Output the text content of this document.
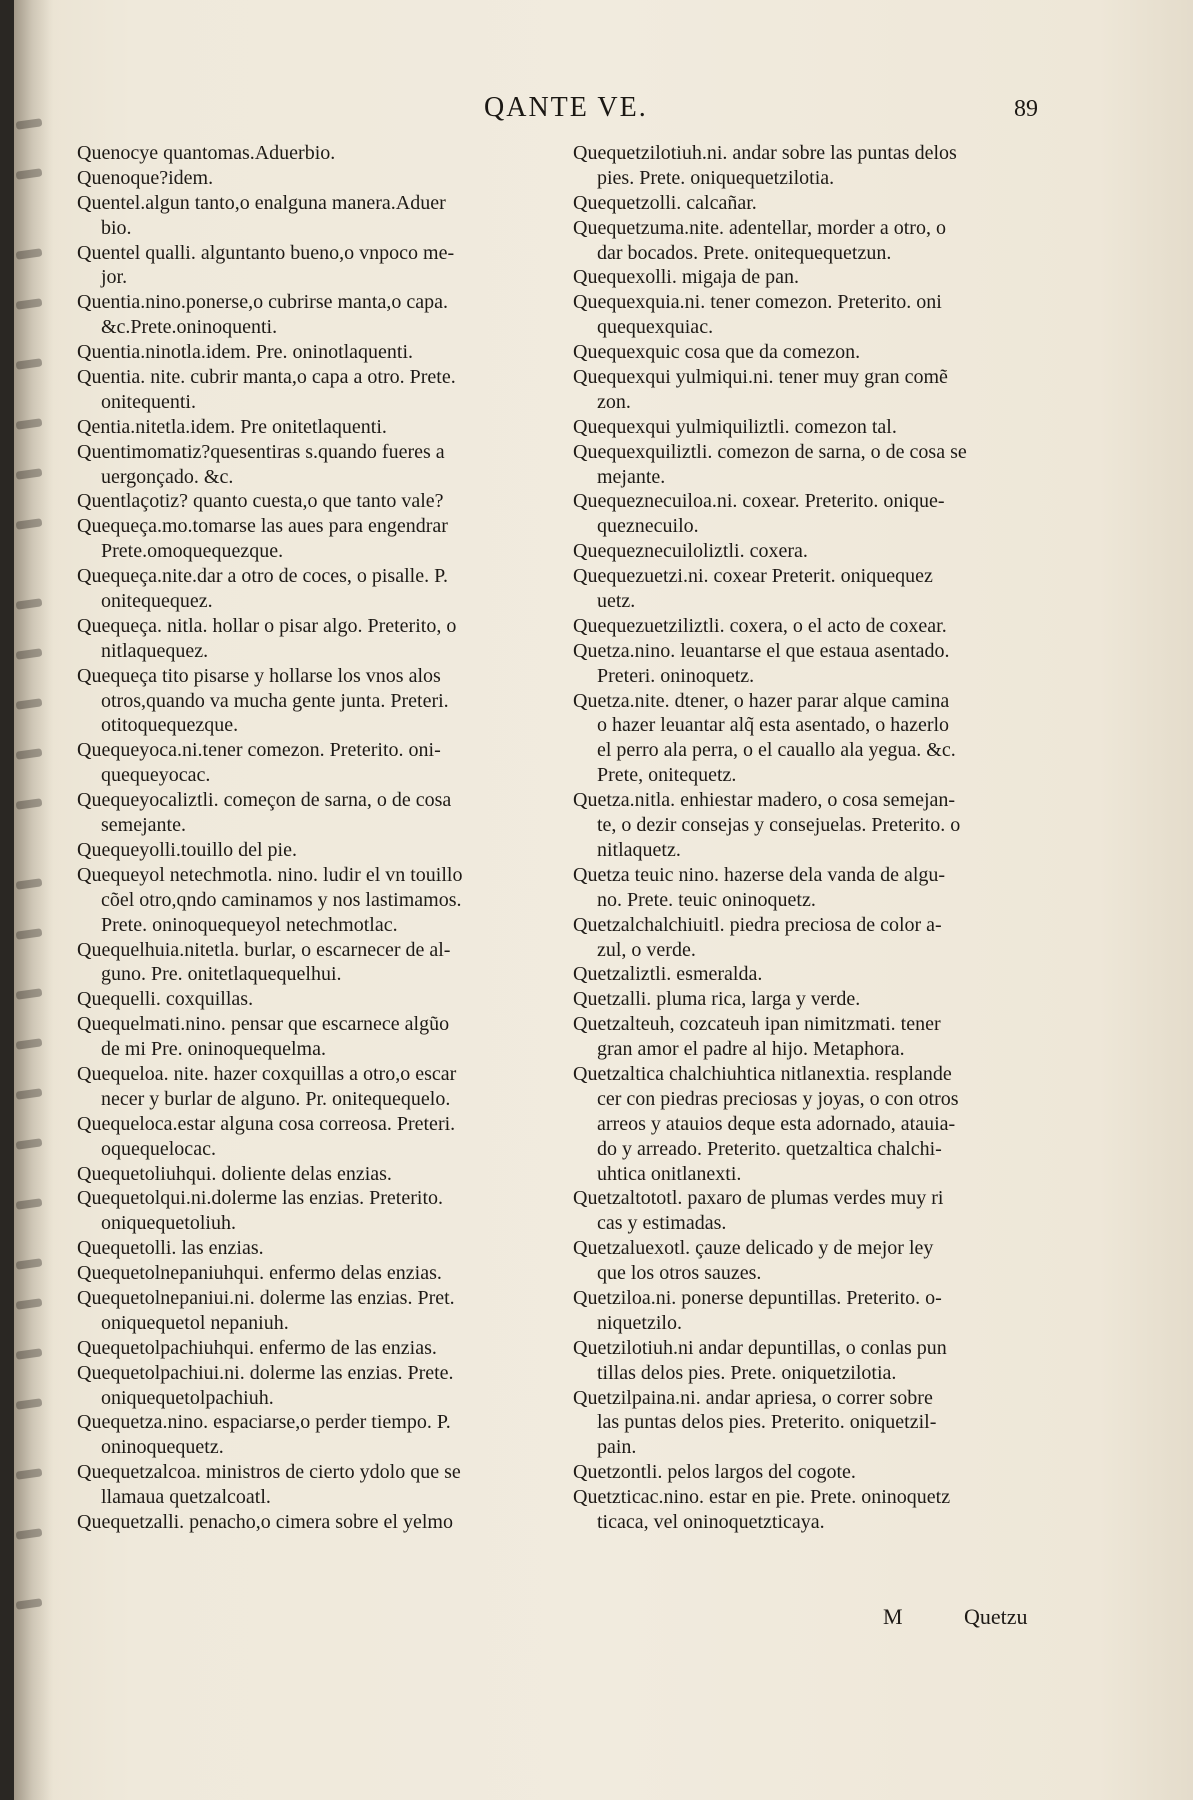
QANTE VE.	89
Quenocye quantomas.Aduerbio.
Quenoque?idem.
Quentel.algun tanto,o enalguna manera.Aduer
bio.
Quentel qualli. alguntanto bueno,o vnpoco me-
jor.
Quentia.nino.ponerse,o cubrirse manta,o capa.
&c.Prete.oninoquenti.
Quentia.ninotla.idem. Pre. oninotlaquenti.
Quentia. nite. cubrir manta,o capa a otro. Prete.
onitequenti.
Qentia.nitetla.idem. Pre onitetlaquenti.
Quentimomatiz?quesentiras s.quando fueres a
uergonçado. &c.
Quentlaçotiz? quanto cuesta,o que tanto vale?
Quequeça.mo.tomarse las aues para engendrar
Prete.omoquequezque.
Quequeça.nite.dar a otro de coces, o pisalle. P.
onitequequez.
Quequeça. nitla. hollar o pisar algo. Preterito, o
nitlaquequez.
Quequeça tito pisarse y hollarse los vnos alos
otros,quando va mucha gente junta. Preteri.
otitoquequezque.
Quequeyoca.ni.tener comezon. Preterito. oni-
quequeyocac.
Quequeyocaliztli. começon de sarna, o de cosa
semejante.
Quequeyolli.touillo del pie.
Quequeyol netechmotla. nino. ludir el vn touillo
cõel otro,qndo caminamos y nos lastimamos.
Prete. oninoquequeyol netechmotlac.
Quequelhuia.nitetla. burlar, o escarnecer de al-
guno. Pre. onitetlaquequelhui.
Quequelli. coxquillas.
Quequelmati.nino. pensar que escarnece algũo
de mi Pre. oninoquequelma.
Quequeloa. nite. hazer coxquillas a otro,o escar
necer y burlar de alguno. Pr. onitequequelo.
Quequeloca.estar alguna cosa correosa. Preteri.
oquequelocac.
Quequetoliuhqui. doliente delas enzias.
Quequetolqui.ni.dolerme las enzias. Preterito.
oniquequetoliuh.
Quequetolli. las enzias.
Quequetolnepaniuhqui. enfermo delas enzias.
Quequetolnepaniui.ni. dolerme las enzias. Pret.
oniquequetol nepaniuh.
Quequetolpachiuhqui. enfermo de las enzias.
Quequetolpachiui.ni. dolerme las enzias. Prete.
oniquequetolpachiuh.
Quequetza.nino. espaciarse,o perder tiempo. P.
oninoquequetz.
Quequetzalcoa. ministros de cierto ydolo que se
llamaua quetzalcoatl.
Quequetzalli. penacho,o cimera sobre el yelmo
Quequetzilotiuh.ni. andar sobre las puntas delos
pies. Prete. oniquequetzilotia.
Quequetzolli. calcañar.
Quequetzuma.nite. adentellar, morder a otro, o
dar bocados. Prete. onitequequetzun.
Quequexolli. migaja de pan.
Quequexquia.ni. tener comezon. Preterito. oni
quequexquiac.
Quequexquic cosa que da comezon.
Quequexqui yulmiqui.ni. tener muy gran comẽ
zon.
Quequexqui yulmiquiliztli. comezon tal.
Quequexquiliztli. comezon de sarna, o de cosa se
mejante.
Quequeznecuiloa.ni. coxear. Preterito. onique-
queznecuilo.
Quequeznecuiloliztli. coxera.
Quequezuetzi.ni. coxear Preterit. oniquequez
uetz.
Quequezuetziliztli. coxera, o el acto de coxear.
Quetza.nino. leuantarse el que estaua asentado.
Preteri. oninoquetz.
Quetza.nite. dtener, o hazer parar alque camina
o hazer leuantar alq̃ esta asentado, o hazerlo
el perro ala perra, o el cauallo ala yegua. &c.
Prete, onitequetz.
Quetza.nitla. enhiestar madero, o cosa semejan-
te, o dezir consejas y consejuelas. Preterito. o
nitlaquetz.
Quetza teuic nino. hazerse dela vanda de algu-
no. Prete. teuic oninoquetz.
Quetzalchalchiuitl. piedra preciosa de color a-
zul, o verde.
Quetzaliztli. esmeralda.
Quetzalli. pluma rica, larga y verde.
Quetzalteuh, cozcateuh ipan nimitzmati. tener
gran amor el padre al hijo. Metaphora.
Quetzaltica chalchiuhtica nitlanextia. resplande
cer con piedras preciosas y joyas, o con otros
arreos y atauios deque esta adornado, atauia-
do y arreado. Preterito. quetzaltica chalchi-
uhtica onitlanexti.
Quetzaltototl. paxaro de plumas verdes muy ri
cas y estimadas.
Quetzaluexotl. çauze delicado y de mejor ley
que los otros sauzes.
Quetziloa.ni. ponerse depuntillas. Preterito. o-
niquetzilo.
Quetzilotiuh.ni andar depuntillas, o conlas pun
tillas delos pies. Prete. oniquetzilotia.
Quetzilpaina.ni. andar apriesa, o correr sobre
las puntas delos pies. Preterito. oniquetzil-
pain.
Quetzontli. pelos largos del cogote.
Quetzticac.nino. estar en pie. Prete. oninoquetz
ticaca, vel oninoquetzticaya.
M	Quetzu
